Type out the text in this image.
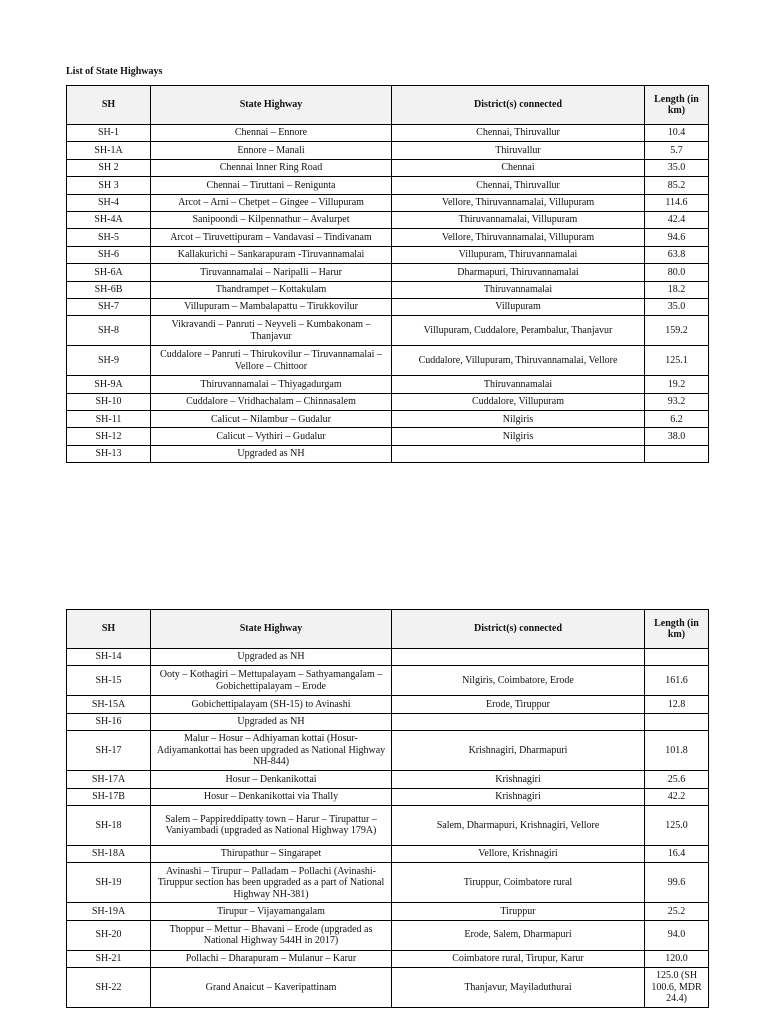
List of State Highways
SH	State Highway	District(s) connected	Length (in km)
SH-1	Chennai – Ennore	Chennai, Thiruvallur	10.4
SH-1A	Ennore – Manali	Thiruvallur	5.7
SH 2	Chennai Inner Ring Road	Chennai	35.0
SH 3	Chennai – Tiruttani – Renigunta	Chennai, Thiruvallur	85.2
SH-4	Arcot – Arni – Chetpet – Gingee – Villupuram	Vellore, Thiruvannamalai, Villupuram	114.6
SH-4A	Sanipoondi – Kilpennathur – Avalurpet	Thiruvannamalai, Villupuram	42.4
SH-5	Arcot – Tiruvettipuram – Vandavasi – Tindivanam	Vellore, Thiruvannamalai, Villupuram	94.6
SH-6	Kallakurichi – Sankarapuram -Tiruvannamalai	Villupuram, Thiruvannamalai	63.8
SH-6A	Tiruvannamalai – Naripalli – Harur	Dharmapuri, Thiruvannamalai	80.0
SH-6B	Thandrampet – Kottakulam	Thiruvannamalai	18.2
SH-7	Villupuram – Mambalapattu – Tirukkovilur	Villupuram	35.0
SH-8	Vikravandi – Panruti – Neyveli – Kumbakonam – Thanjavur	Villupuram, Cuddalore, Perambalur, Thanjavur	159.2
SH-9	Cuddalore – Panruti – Thirukovilur – Tiruvannamalai – Vellore – Chittoor	Cuddalore, Villupuram, Thiruvannamalai, Vellore	125.1
SH-9A	Thiruvannamalai – Thiyagadurgam	Thiruvannamalai	19.2
SH-10	Cuddalore – Vridhachalam – Chinnasalem	Cuddalore, Villupuram	93.2
SH-11	Calicut – Nilambur – Gudalur	Nilgiris	6.2
SH-12	Calicut – Vythiri – Gudalur	Nilgiris	38.0
SH-13	Upgraded as NH		
SH	State Highway	District(s) connected	Length (in km)
SH-14	Upgraded as NH		
SH-15	Ooty – Kothagiri – Mettupalayam – Sathyamangalam – Gobichettipalayam – Erode	Nilgiris, Coimbatore, Erode	161.6
SH-15A	Gobichettipalayam (SH-15) to Avinashi	Erode, Tiruppur	12.8
SH-16	Upgraded as NH		
SH-17	Malur – Hosur – Adhiyaman kottai (Hosur-Adiyamankottai has been upgraded as National Highway NH-844)	Krishnagiri, Dharmapuri	101.8
SH-17A	Hosur – Denkanikottai	Krishnagiri	25.6
SH-17B	Hosur – Denkanikottai via Thally	Krishnagiri	42.2
SH-18	Salem – Pappireddipatty town – Harur – Tirupattur – Vaniyambadi (upgraded as National Highway 179A)	Salem, Dharmapuri, Krishnagiri, Vellore	125.0
SH-18A	Thirupathur – Singarapet	Vellore, Krishnagiri	16.4
SH-19	Avinashi – Tirupur – Palladam – Pollachi (Avinashi-Tiruppur section has been upgraded as a part of National Highway NH-381)	Tiruppur, Coimbatore rural	99.6
SH-19A	Tirupur – Vijayamangalam	Tiruppur	25.2
SH-20	Thoppur – Mettur – Bhavani – Erode (upgraded as National Highway 544H in 2017)	Erode, Salem, Dharmapuri	94.0
SH-21	Pollachi – Dharapuram – Mulanur – Karur	Coimbatore rural, Tirupur, Karur	120.0
SH-22	Grand Anaicut – Kaveripattinam	Thanjavur, Mayiladuthurai	125.0 (SH 100.6, MDR 24.4)
